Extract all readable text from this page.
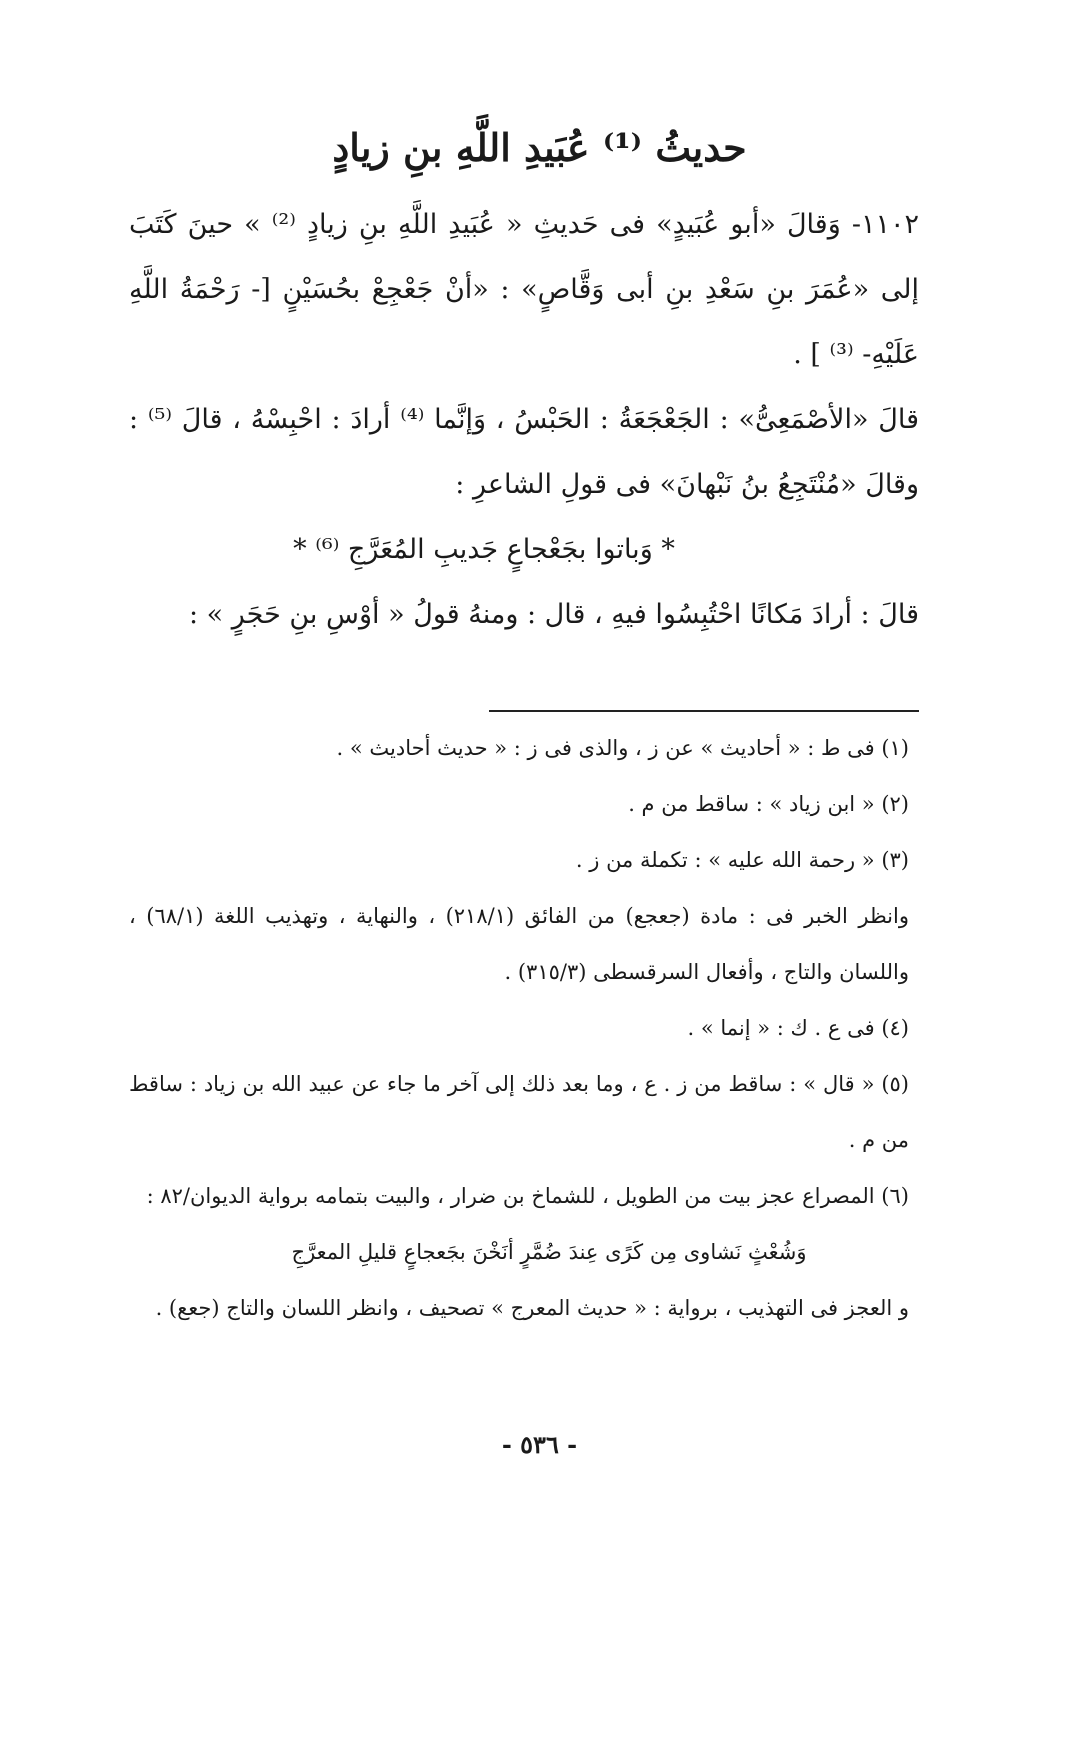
حديثُ ⁽¹⁾ عُبَيدِ اللَّهِ بنِ زيادٍ

١١٠٢- وَقالَ «أبو عُبَيدٍ» فى حَديثِ « عُبَيدِ اللَّهِ بنِ زيادٍ ⁽²⁾ » حينَ كَتَبَ إلى «عُمَرَ بنِ سَعْدِ بنِ أبى وَقَّاصٍ» : «أنْ جَعْجِعْ بحُسَيْنٍ [- رَحْمَةُ اللَّهِ عَلَيْهِ- ⁽³⁾ ] .

قالَ «الأصْمَعِىُّ» : الجَعْجَعَةُ : الحَبْسُ ، وَإنَّما ⁽⁴⁾ أرادَ : احْبِسْهُ ، قالَ ⁽⁵⁾ : وقالَ «مُنْتَجِعُ بنُ نَبْهانَ» فى قولِ الشاعرِ :

* وَباتوا بجَعْجاعٍ جَديبِ المُعَرَّجِ ⁽⁶⁾ *

قالَ : أرادَ مَكانًا احْتُبِسُوا فيهِ ، قال : ومنهُ قولُ « أوْسِ بنِ حَجَرٍ » :

(١) فى ط : « أحاديث » عن ز ، والذى فى ز : « حديث أحاديث » .

(٢) « ابن زياد » : ساقط من م .

(٣) « رحمة الله عليه » : تكملة من ز .

وانظر الخبر فى : مادة (جعجع) من الفائق (٢١٨/١) ، والنهاية ، وتهذيب اللغة (٦٨/١) ، واللسان والتاج ، وأفعال السرقسطى (٣١٥/٣) .

(٤) فى ع . ك : « إنما » .

(٥) « قال » : ساقط من ز . ع ، وما بعد ذلك إلى آخر ما جاء عن عبيد الله بن زياد : ساقط من م .

(٦) المصراع عجز بيت من الطويل ، للشماخ بن ضرار ، والبيت بتمامه برواية الديوان/٨٢ :

وَشُعْثٍ نَشاوى مِن كَرًى عِندَ ضُمَّرٍ أنَخْنَ بجَعجاعٍ قليلِ المعرَّجِ

و العجز فى التهذيب ، برواية : « حديث المعرج » تصحيف ، وانظر اللسان والتاج (جعع) .

- ٥٣٦ -
